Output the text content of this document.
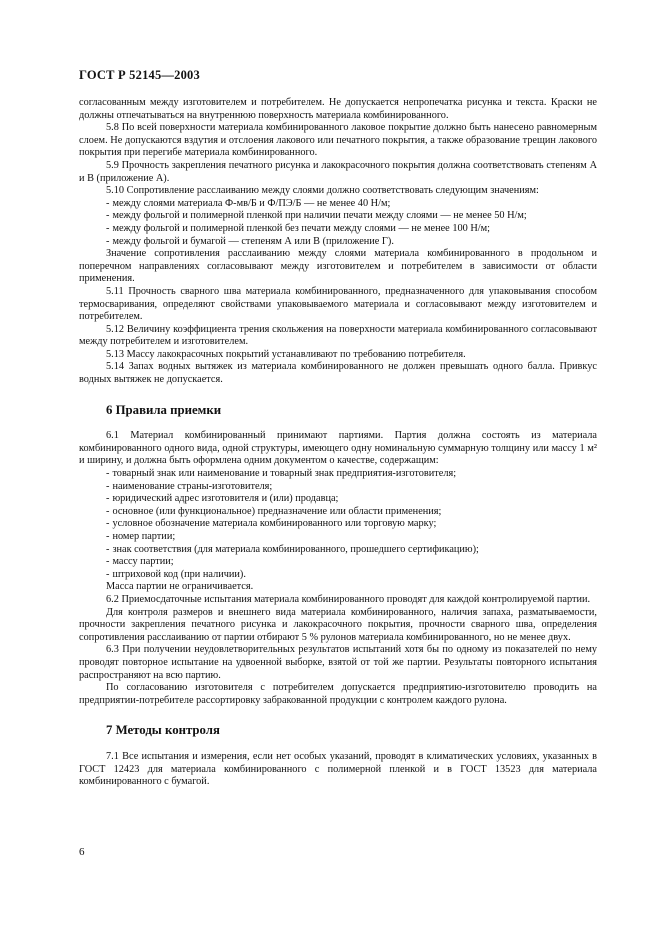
ГОСТ Р 52145—2003

согласованным между изготовителем и потребителем. Не допускается непропечатка рисунка и текста. Краски не должны отпечатываться на внутреннюю поверхность материала комбинированного.

5.8 По всей поверхности материала комбинированного лаковое покрытие должно быть нанесено равномерным слоем. Не допускаются вздутия и отслоения лакового или печатного покрытия, а также образование трещин лакового покрытия при перегибе материала комбинированного.

5.9 Прочность закрепления печатного рисунка и лакокрасочного покрытия должна соответствовать степеням А и В (приложение А).

5.10 Сопротивление расслаиванию между слоями должно соответствовать следующим значениям:

- между слоями материала Ф-мв/Б и Ф/ПЭ/Б — не менее 40 Н/м;
- между фольгой и полимерной пленкой при наличии печати между слоями — не менее 50 Н/м;
- между фольгой и полимерной пленкой без печати между слоями — не менее 100 Н/м;
- между фольгой и бумагой — степеням А или В (приложение Г).

Значение сопротивления расслаиванию между слоями материала комбинированного в продольном и поперечном направлениях согласовывают между изготовителем и потребителем в зависимости от области применения.

5.11 Прочность сварного шва материала комбинированного, предназначенного для упаковывания способом термосваривания, определяют свойствами упаковываемого материала и согласовывают между изготовителем и потребителем.

5.12 Величину коэффициента трения скольжения на поверхности материала комбинированного согласовывают между потребителем и изготовителем.

5.13 Массу лакокрасочных покрытий устанавливают по требованию потребителя.

5.14 Запах водных вытяжек из материала комбинированного не должен превышать одного балла. Привкус водных вытяжек не допускается.

6 Правила приемки

6.1 Материал комбинированный принимают партиями. Партия должна состоять из материала комбинированного одного вида, одной структуры, имеющего одну номинальную суммарную толщину или массу 1 м² и ширину, и должна быть оформлена одним документом о качестве, содержащим:

- товарный знак или наименование и товарный знак предприятия-изготовителя;
- наименование страны-изготовителя;
- юридический адрес изготовителя и (или) продавца;
- основное (или функциональное) предназначение или области применения;
- условное обозначение материала комбинированного или торговую марку;
- номер партии;
- знак соответствия (для материала комбинированного, прошедшего сертификацию);
- массу партии;
- штриховой код (при наличии).

Масса партии не ограничивается.

6.2 Приемосдаточные испытания материала комбинированного проводят для каждой контролируемой партии.

Для контроля размеров и внешнего вида материала комбинированного, наличия запаха, разматываемости, прочности закрепления печатного рисунка и лакокрасочного покрытия, прочности сварного шва, определения сопротивления расслаиванию от партии отбирают 5 % рулонов материала комбинированного, но не менее двух.

6.3 При получении неудовлетворительных результатов испытаний хотя бы по одному из показателей по нему проводят повторное испытание на удвоенной выборке, взятой от той же партии. Результаты повторного испытания распространяют на всю партию.

По согласованию изготовителя с потребителем допускается предприятию-изготовителю проводить на предприятии-потребителе рассортировку забракованной продукции с контролем каждого рулона.

7 Методы контроля

7.1 Все испытания и измерения, если нет особых указаний, проводят в климатических условиях, указанных в ГОСТ 12423 для материала комбинированного с полимерной пленкой и в ГОСТ 13523 для материала комбинированного с бумагой.

6
